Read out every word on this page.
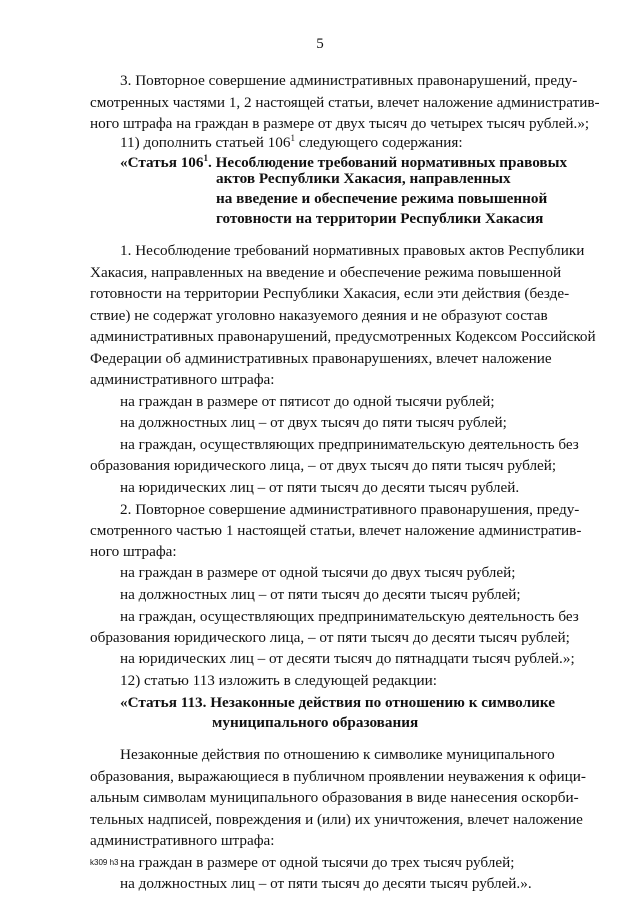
5
3. Повторное совершение административных правонарушений, преду-
смотренных частями 1, 2 настоящей статьи, влечет наложение административ-
ного штрафа на граждан в размере от двух тысяч до четырех тысяч рублей.»;
11) дополнить статьей $106^1$ следующего содержания:
«Статья $106^1$. Несоблюдение требований нормативных правовых
актов Республики Хакасия, направленных
на введение и обеспечение режима повышенной
готовности на территории Республики Хакасия
1. Несоблюдение требований нормативных правовых актов Республики
Хакасия, направленных на введение и обеспечение режима повышенной
готовности на территории Республики Хакасия, если эти действия (безде-
ствие) не содержат уголовно наказуемого деяния и не образуют состав
административных правонарушений, предусмотренных Кодексом Российской
Федерации об административных правонарушениях, влечет наложение
административного штрафа:
на граждан в размере от пятисот до одной тысячи рублей;
на должностных лиц – от двух тысяч до пяти тысяч рублей;
на граждан, осуществляющих предпринимательскую деятельность без
образования юридического лица, – от двух тысяч до пяти тысяч рублей;
на юридических лиц – от пяти тысяч до десяти тысяч рублей.
2. Повторное совершение административного правонарушения, преду-
смотренного частью 1 настоящей статьи, влечет наложение административ-
ного штрафа:
на граждан в размере от одной тысячи до двух тысяч рублей;
на должностных лиц – от пяти тысяч до десяти тысяч рублей;
на граждан, осуществляющих предпринимательскую деятельность без
образования юридического лица, – от пяти тысяч до десяти тысяч рублей;
на юридических лиц – от десяти тысяч до пятнадцати тысяч рублей.»;
12) статью 113 изложить в следующей редакции:
«Статья 113. Незаконные действия по отношению к символике
муниципального образования
Незаконные действия по отношению к символике муниципального
образования, выражающиеся в публичном проявлении неуважения к офици-
альным символам муниципального образования в виде нанесения оскорби-
тельных надписей, повреждения и (или) их уничтожения, влечет наложение
административного штрафа:
на граждан в размере от одной тысячи до трех тысяч рублей;
на должностных лиц – от пяти тысяч до десяти тысяч рублей.».
k309 h3
